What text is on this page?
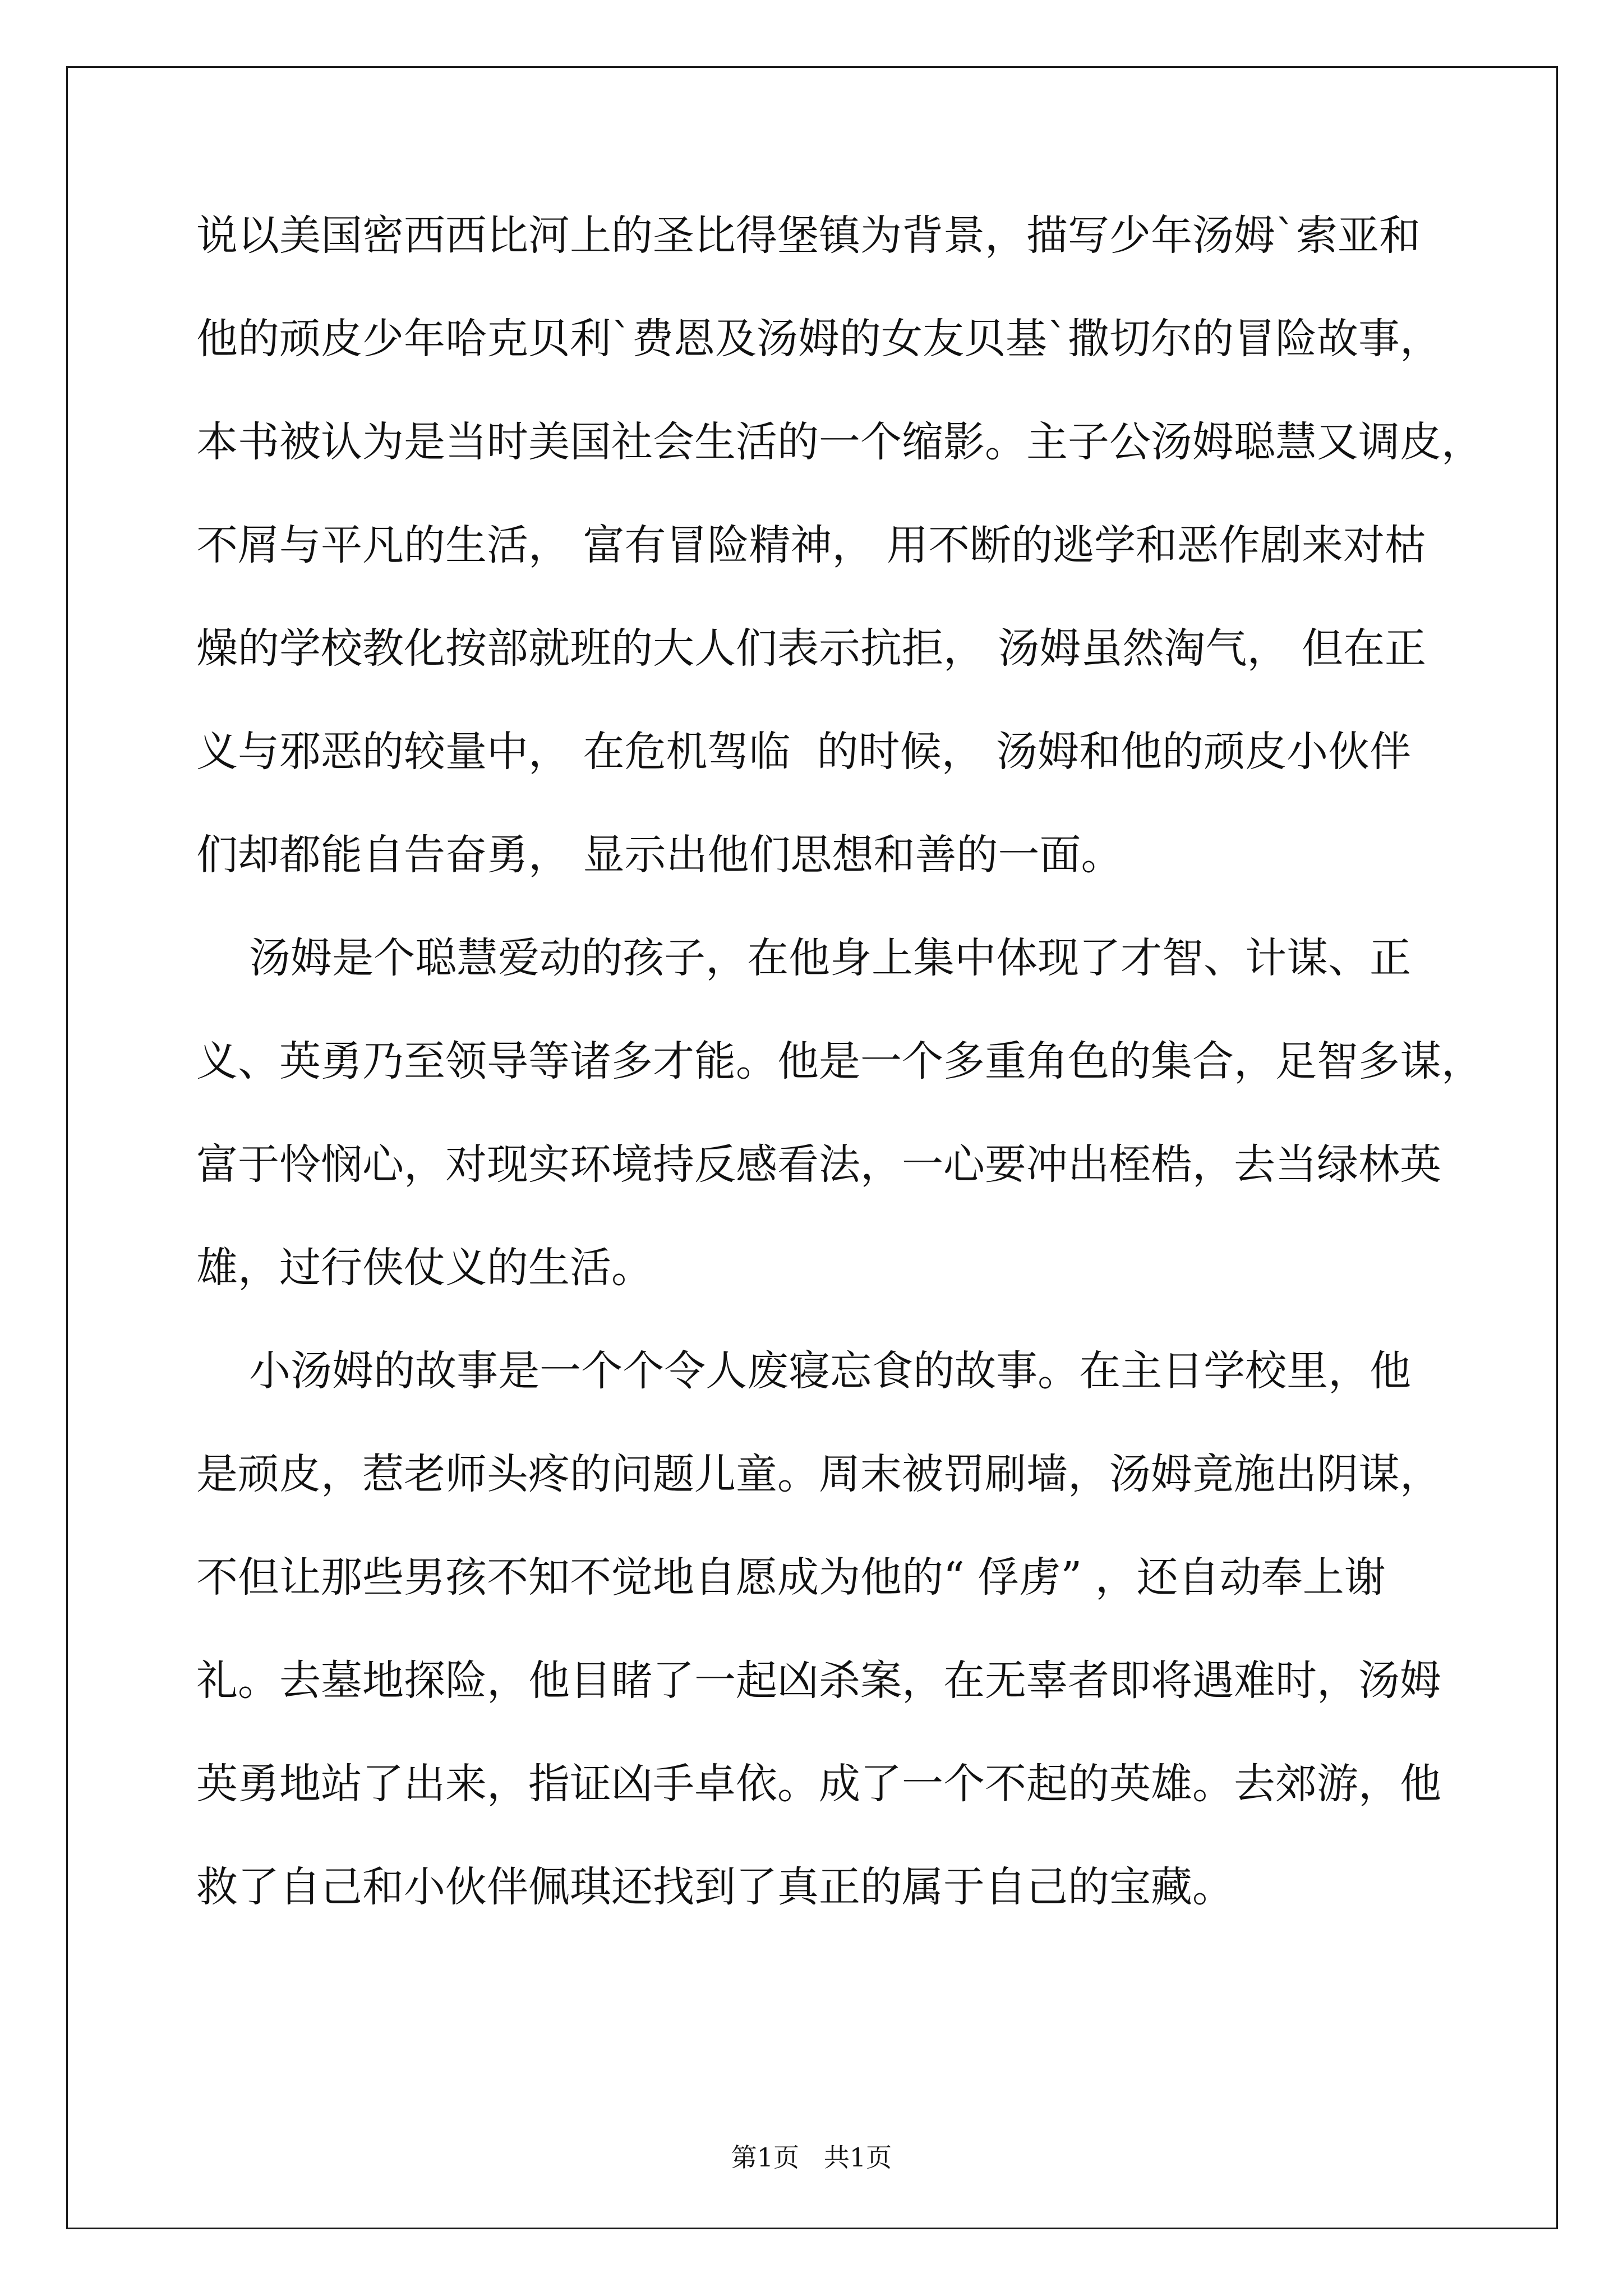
说以美国密西西比河上的圣比得堡镇为背景，描写少年汤姆`索亚和

他的顽皮少年哈克贝利`费恩及汤姆的女友贝基`撒切尔的冒险故事，

本书被认为是当时美国社会生活的一个缩影。主子公汤姆聪慧又调皮，

不屑与平凡的生活， 富有冒险精神， 用不断的逃学和恶作剧来对枯

燥的学校教化按部就班的大人们表示抗拒， 汤姆虽然淘气， 但在正

义与邪恶的较量中， 在危机驾临  的时候， 汤姆和他的顽皮小伙伴

们却都能自告奋勇， 显示出他们思想和善的一面。

汤姆是个聪慧爱动的孩子，在他身上集中体现了才智、计谋、正

义、英勇乃至领导等诸多才能。他是一个多重角色的集合，足智多谋，

富于怜悯心，对现实环境持反感看法，一心要冲出桎梏，去当绿林英

雄，过行侠仗义的生活。

小汤姆的故事是一个个令人废寝忘食的故事。在主日学校里，他

是顽皮，惹老师头疼的问题儿童。周末被罚刷墙，汤姆竟施出阴谋，

不但让那些男孩不知不觉地自愿成为他的“ 俘虏” ，还自动奉上谢

礼。去墓地探险，他目睹了一起凶杀案，在无辜者即将遇难时，汤姆

英勇地站了出来，指证凶手卓依。成了一个不起的英雄。去郊游，他

救了自己和小伙伴佩琪还找到了真正的属于自己的宝藏。

第1页   共1页
